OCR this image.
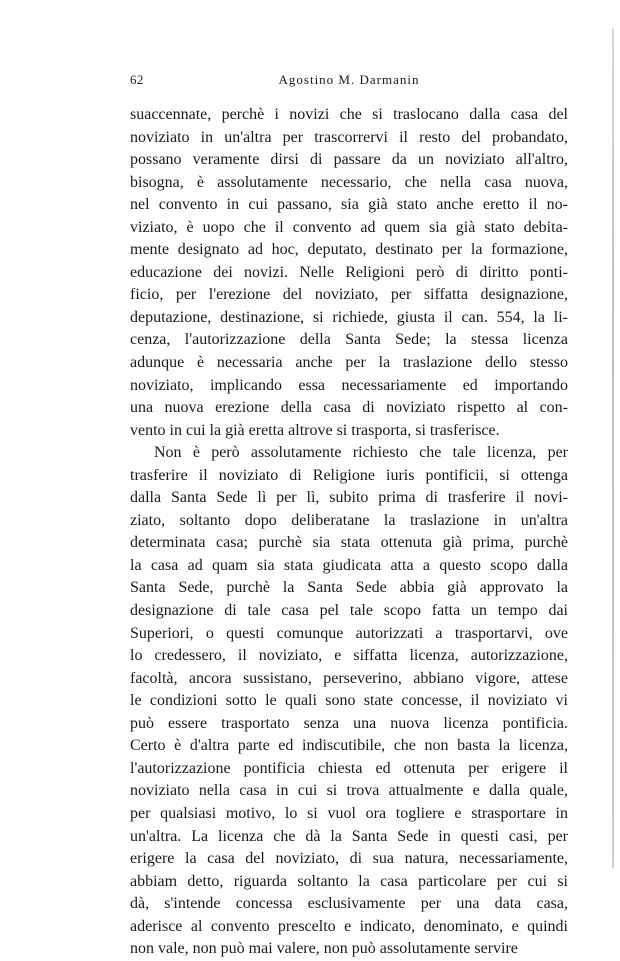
62	Agostino M. Darmanin
suaccennate, perchè i novizi che si traslocano dalla casa del
noviziato in un'altra per trascorrervi il resto del probandato,
possano veramente dirsi di passare da un noviziato all'altro,
bisogna, è assolutamente necessario, che nella casa nuova,
nel convento in cui passano, sia già stato anche eretto il no-
viziato, è uopo che il convento ad quem sia già stato debita-
mente designato ad hoc, deputato, destinato per la formazione,
educazione dei novizi. Nelle Religioni però di diritto ponti-
ficio, per l'erezione del noviziato, per siffatta designazione,
deputazione, destinazione, si richiede, giusta il can. 554, la li-
cenza, l'autorizzazione della Santa Sede; la stessa licenza
adunque è necessaria anche per la traslazione dello stesso
noviziato, implicando essa necessariamente ed importando
una nuova erezione della casa di noviziato rispetto al con-
vento in cui la già eretta altrove si trasporta, si trasferisce.
Non è però assolutamente richiesto che tale licenza, per
trasferire il noviziato di Religione iuris pontificii, si ottenga
dalla Santa Sede lì per lì, subito prima di trasferire il novi-
ziato, soltanto dopo deliberatane la traslazione in un'altra
determinata casa; purchè sia stata ottenuta già prima, purchè
la casa ad quam sia stata giudicata atta a questo scopo dalla
Santa Sede, purchè la Santa Sede abbia già approvato la
designazione di tale casa pel tale scopo fatta un tempo dai
Superiori, o questi comunque autorizzati a trasportarvi, ove
lo credessero, il noviziato, e siffatta licenza, autorizzazione,
facoltà, ancora sussistano, perseverino, abbiano vigore, attese
le condizioni sotto le quali sono state concesse, il noviziato vi
può essere trasportato senza una nuova licenza pontificia.
Certo è d'altra parte ed indiscutibile, che non basta la licenza,
l'autorizzazione pontificia chiesta ed ottenuta per erigere il
noviziato nella casa in cui si trova attualmente e dalla quale,
per qualsiasi motivo, lo si vuol ora togliere e strasportare in
un'altra. La licenza che dà la Santa Sede in questi casi, per
erigere la casa del noviziato, di sua natura, necessariamente,
abbiam detto, riguarda soltanto la casa particolare per cui si
dà, s'intende concessa esclusivamente per una data casa,
aderisce al convento prescelto e indicato, denominato, e quindi
non vale, non può mai valere, non può assolutamente servire
